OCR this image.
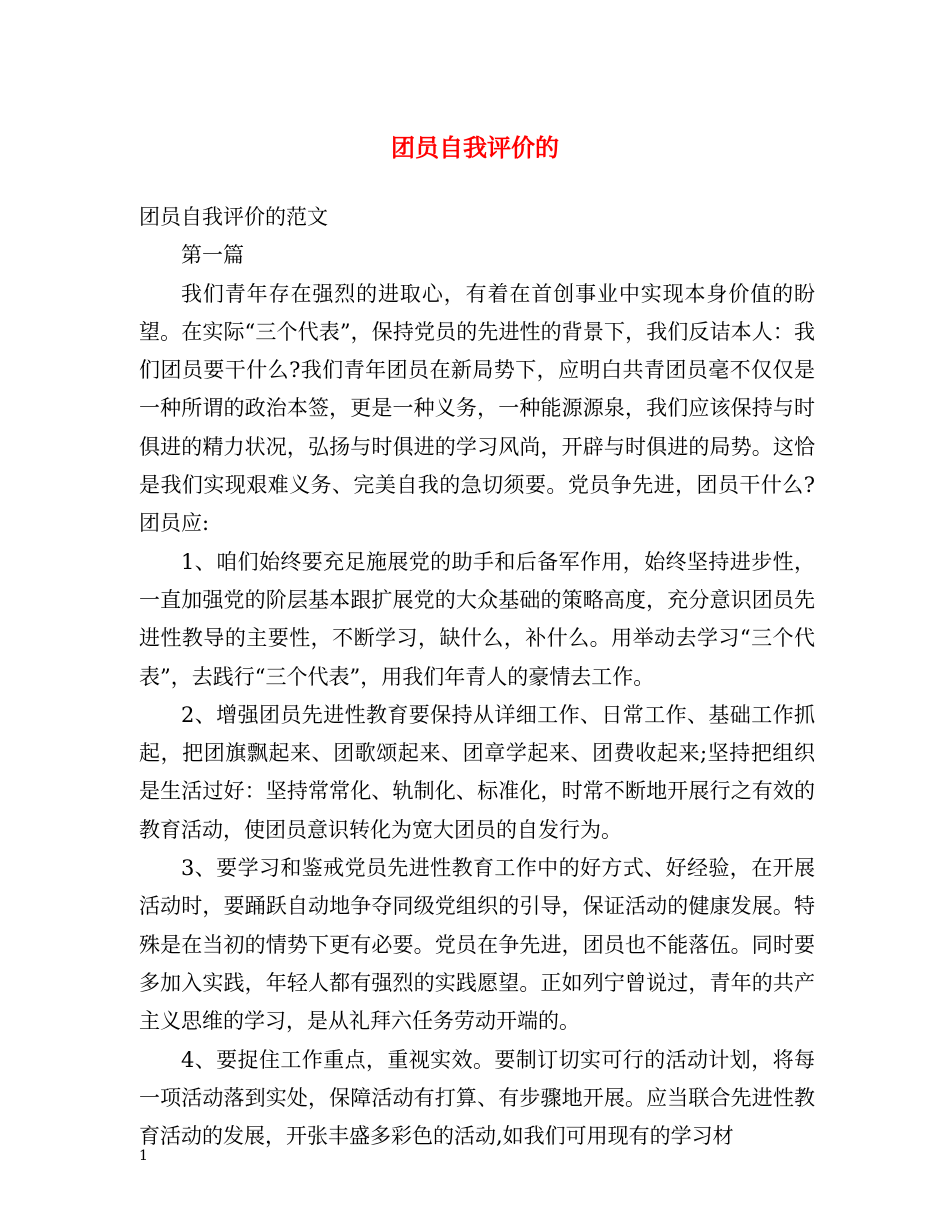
团员自我评价的

团员自我评价的范文

第一篇

我们青年存在强烈的进取心，有着在首创事业中实现本身价值的盼望。在实际“三个代表”，保持党员的先进性的背景下，我们反诘本人：我们团员要干什么?我们青年团员在新局势下，应明白共青团员毫不仅仅是一种所谓的政治本签，更是一种义务，一种能源源泉，我们应该保持与时俱进的精力状况，弘扬与时俱进的学习风尚，开辟与时俱进的局势。这恰是我们实现艰难义务、完美自我的急切须要。党员争先进，团员干什么?团员应:

1、咱们始终要充足施展党的助手和后备军作用，始终坚持进步性，一直加强党的阶层基本跟扩展党的大众基础的策略高度，充分意识团员先进性教导的主要性，不断学习，缺什么，补什么。用举动去学习“三个代表”，去践行“三个代表”，用我们年青人的豪情去工作。

2、增强团员先进性教育要保持从详细工作、日常工作、基础工作抓起，把团旗飘起来、团歌颂起来、团章学起来、团费收起来;坚持把组织是生活过好：坚持常常化、轨制化、标准化，时常不断地开展行之有效的教育活动，使团员意识转化为宽大团员的自发行为。

3、要学习和鉴戒党员先进性教育工作中的好方式、好经验，在开展活动时，要踊跃自动地争夺同级党组织的引导，保证活动的健康发展。特殊是在当初的情势下更有必要。党员在争先进，团员也不能落伍。同时要多加入实践，年轻人都有强烈的实践愿望。正如列宁曾说过，青年的共产主义思维的学习，是从礼拜六任务劳动开端的。

4、要捉住工作重点，重视实效。要制订切实可行的活动计划，将每一项活动落到实处，保障活动有打算、有步骤地开展。应当联合先进性教育活动的发展，开张丰盛多彩色的活动,如我们可用现有的学习材

1
